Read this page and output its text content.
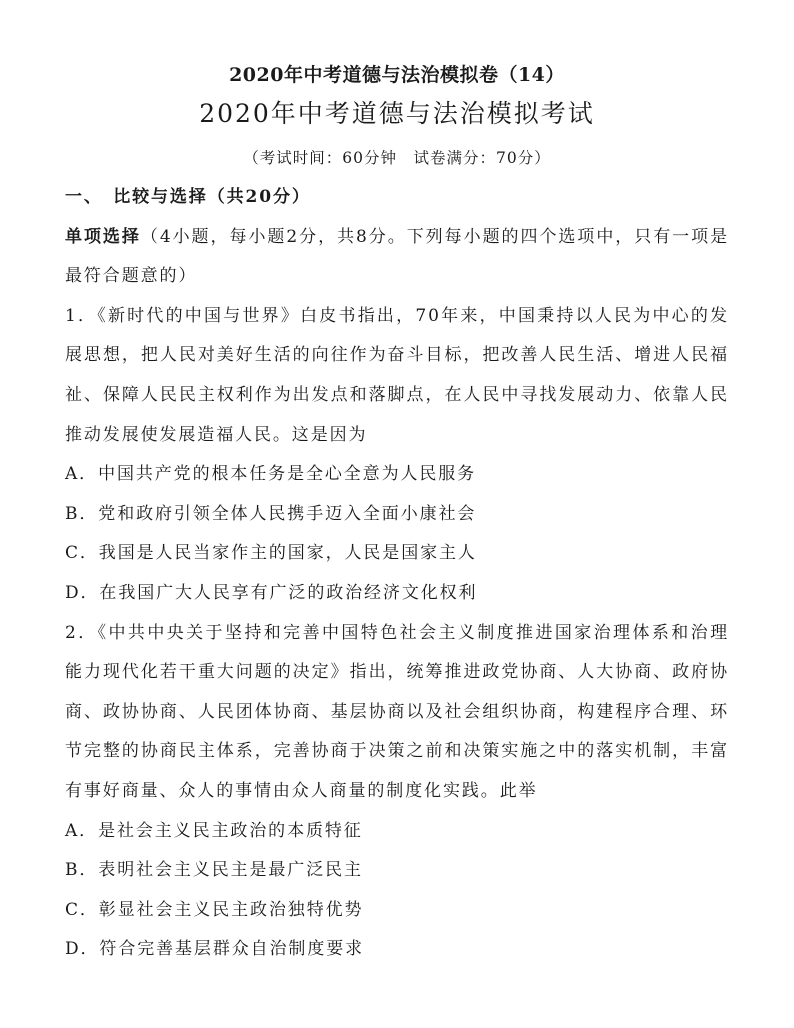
2020年中考道德与法治模拟卷（14）
2020年中考道德与法治模拟考试
（考试时间：60分钟　试卷满分：70分）

一、　比较与选择（共20分）

单项选择（4小题，每小题2分，共8分。下列每小题的四个选项中，只有一项是最符合题意的）

1．《新时代的中国与世界》白皮书指出，70年来，中国秉持以人民为中心的发展思想，把人民对美好生活的向往作为奋斗目标，把改善人民生活、增进人民福祉、保障人民民主权利作为出发点和落脚点，在人民中寻找发展动力、依靠人民推动发展使发展造福人民。这是因为

A．中国共产党的根本任务是全心全意为人民服务

B．党和政府引领全体人民携手迈入全面小康社会

C．我国是人民当家作主的国家，人民是国家主人

D．在我国广大人民享有广泛的政治经济文化权利

2．《中共中央关于坚持和完善中国特色社会主义制度推进国家治理体系和治理能力现代化若干重大问题的决定》指出，统筹推进政党协商、人大协商、政府协商、政协协商、人民团体协商、基层协商以及社会组织协商，构建程序合理、环节完整的协商民主体系，完善协商于决策之前和决策实施之中的落实机制，丰富有事好商量、众人的事情由众人商量的制度化实践。此举

A．是社会主义民主政治的本质特征

B．表明社会主义民主是最广泛民主

C．彰显社会主义民主政治独特优势

D．符合完善基层群众自治制度要求
